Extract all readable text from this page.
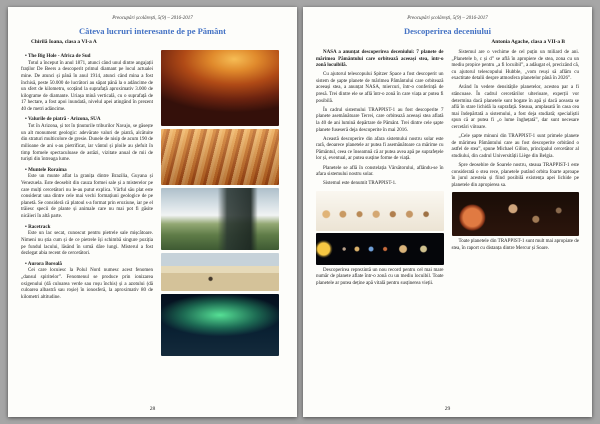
Preocupări școlărești, 5(9) – 2016-2017
Câteva lucruri interesante de pe Pământ
Chirilă Ioana, clasa a VI-a A
• The Big Hole - Africa de Sud

Totul a început în anul 1871, atunci când unul dintre angajații fraților De Beers a descoperit primul diamant pe locul actualei mine. De atunci și până în anul 1914, atunci când mina a fost închisă, peste 50.000 de lucrători au săpat până la o adâncime de un sfert de kilometru, scoțând la suprafață aproximativ 3.000 de kilograme de diamante. Uriașa mină verticală, cu o suprafață de 17 hectare, a fost apoi inundată, nivelul apei atingând în prezent 40 de metri adâncime.

• Valurile de piatră - Arizona, SUA

Tot în Arizona, și tot în ținuturile triburilor Navajo, se găsește un alt monument geologic: adevărate valuri de piatră, alcătuite din straturi multicolore de gresie. Dunele de nisip de acum 190 de milioane de ani s-au pietrificat, iar vântul și ploile au șlefuit în timp formele spectaculoase de astăzi, vizitate anual de mii de turiști din întreaga lume.

• Muntele Roraima

Este un munte aflat la granița dintre Brazilia, Guyana și Venezuela. Este deosebit din cauza formei sale și a misterelor pe care mulți cercetători nu le-au putut explica. Vârful său plat este considerat una dintre cele mai vechi formațiuni geologice de pe planetă. Se consideră că platoul s-a format prin eroziune, iar pe el trăiesc specii de plante și animale care nu mai pot fi găsite nicăieri în altă parte.

• Racetrack

Este un lac secat, cunoscut pentru pietrele sale mișcătoare. Nimeni nu știa cum și de ce pietrele își schimbă singure poziția pe fundul lacului, lăsând în urmă dâre lungi. Misterul a fost dezlegat abia recent de cercetători.

• Aurora Boreală

Cei care locuiesc la Polul Nord numesc acest fenomen „dansul spiritelor”. Fenomenul se produce prin ionizarea oxigenului (dă culoarea verde sau roșu închis) și a azotului (dă culoarea albastră sau roșie) în ionosferă, la aproximativ 80 de kilometri altitudine.

28
Preocupări școlărești, 5(9) – 2016-2017
Descoperirea deceniului
Antonia Agache, clasa a VII-a B

NASA a anunțat descoperirea deceniului: 7 planete de mărimea Pământului care orbitează aceeași stea, într-o zonă locuibilă.

Cu ajutorul telescopului Spitzer Space a fost descoperit un sistem de șapte planete de mărimea Pământului care orbitează aceeași stea, a anunțat NASA, miercuri, într-o conferință de presă. Trei dintre ele se află într-o zonă în care viața ar putea fi posibilă.

În cadrul sistemului TRAPPIST-1 au fost descoperite 7 planete asemănătoare Terrei, care orbitează aceeași stea aflată la 40 de ani lumină depărtare de Pământ. Trei dintre cele șapte planete fuseseră deja descoperite în mai 2016.

Această descoperire din afara sistemului nostru solar este rară, deoarece planetele ar putea fi asemănătoare ca mărime cu Pământul, ceea ce înseamnă că ar putea avea apă pe suprafețele lor și, eventual, ar putea susține forme de viață.

Planetele se află în constelația Vărsătorului, aflându-se în afara sistemului nostru solar.

Sistemul este denumit TRAPPIST-1.

Descoperirea reprezintă un nou record pentru cel mai mare număr de planete aflate într-o zonă cu un mediu locuibil. Toate planetele ar putea deține apă vitală pentru susținerea vieții.

Sistemul are o vechime de cel puțin un miliard de ani. „Planetele b, c și d” se află în apropiere de stea, zona cu un mediu propice pentru „a fi locuibil”, a adăugat el, precizând că, cu ajutorul telescopului Hubble, „vom reuși să aflăm cu exactitate detalii despre atmosfera planetelor până în 2026”.

Având în vedere densitățile planetelor, acestea par a fi stâncoase. În cadrul cercetărilor ulterioare, experții vor determina dacă planetele sunt bogate în apă și dacă aceasta se află în stare lichidă la suprafață. Steaua, amplasată în casa cea mai îndepărtată a sistemului, a fost deja studiată; specialiștii spun că ar putea fi „o lume înghețată”, dar sunt necesare cercetări viitoare.

„Cele șapte minuni din TRAPPIST-1 sunt primele planete de mărimea Pământului care au fost descoperite orbitând o astfel de stea”, spune Michael Gillon, principalul cercetător al studiului, din cadrul Universității Liège din Belgia.

Spre deosebire de Soarele nostru, steaua TRAPPIST-1 este considerată o stea rece, planetele putând orbita foarte aproape în jurul acesteia și fiind posibilă existența apei lichide pe planetele din apropierea sa.

Toate planetele din TRAPPIST-1 sunt mult mai apropiate de stea, în raport cu distanța dintre Mercur și Soare.

29
